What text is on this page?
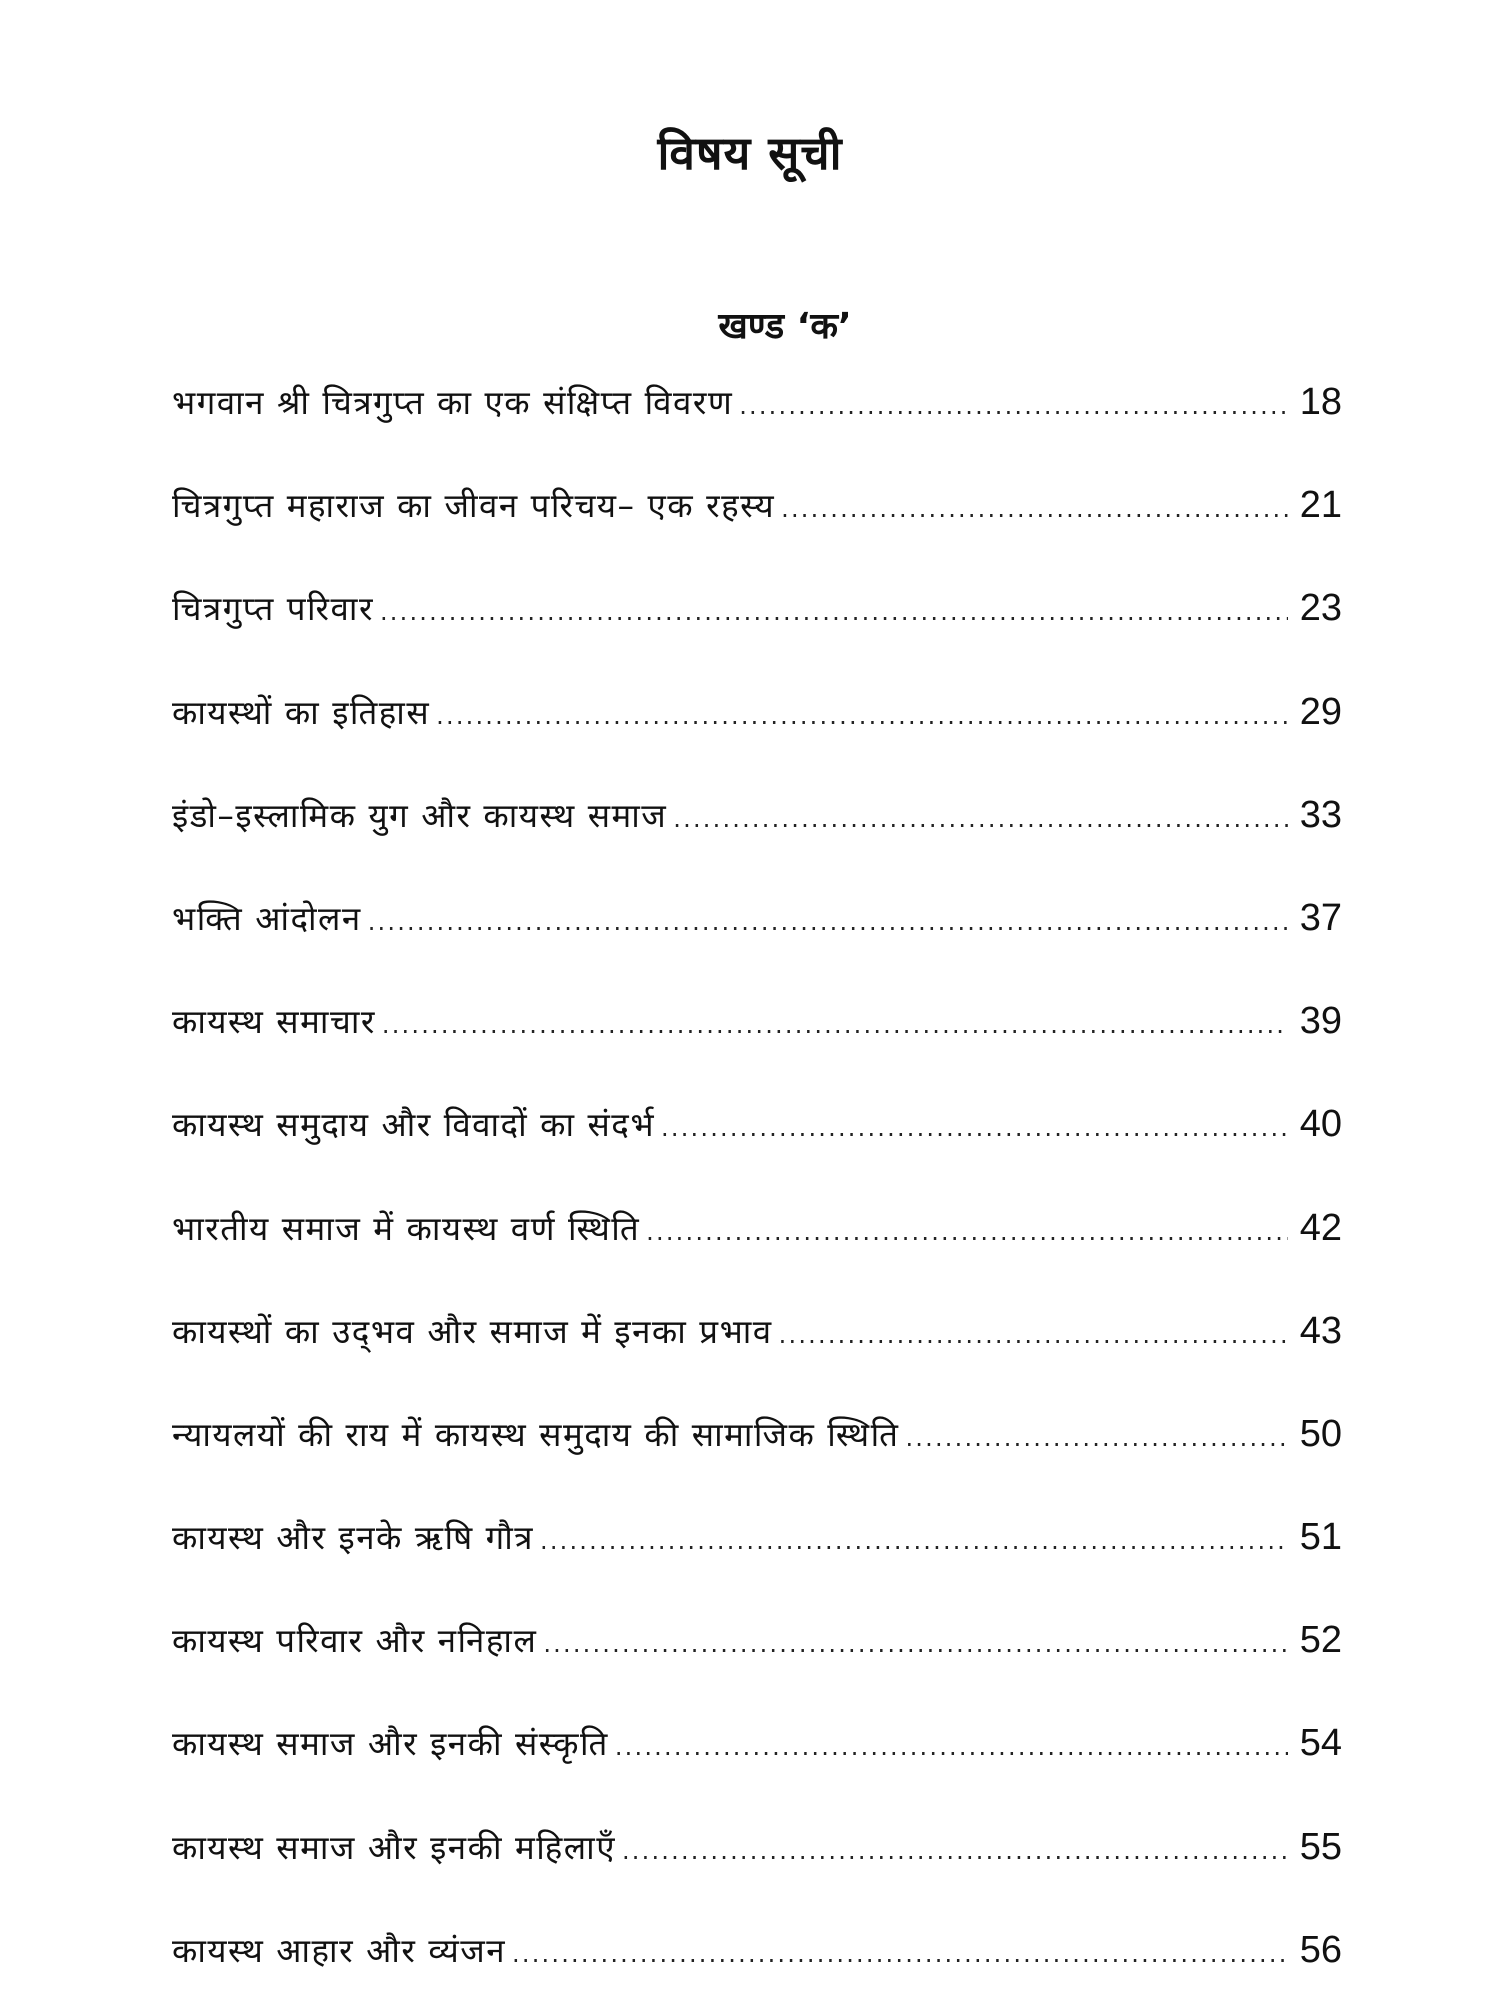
विषय सूची
खण्ड ‘क’
भगवान श्री चित्रगुप्त का एक संक्षिप्त विवरण .....	18
चित्रगुप्त महाराज का जीवन परिचय– एक रहस्य .....	21
चित्रगुप्त परिवार .....	23
कायस्थों का इतिहास .....	29
इंडो–इस्लामिक युग और कायस्थ समाज .....	33
भक्ति आंदोलन .....	37
कायस्थ समाचार .....	39
कायस्थ समुदाय और विवादों का संदर्भ .....	40
भारतीय समाज में कायस्थ वर्ण स्थिति .....	42
कायस्थों का उद्‌भव और समाज में इनका प्रभाव .....	43
न्यायलयों की राय में कायस्थ समुदाय की सामाजिक स्थिति .....	50
कायस्थ और इनके ऋषि गौत्र .....	51
कायस्थ परिवार और ननिहाल .....	52
कायस्थ समाज और इनकी संस्कृति .....	54
कायस्थ समाज और इनकी महिलाएँ .....	55
कायस्थ आहार और व्यंजन .....	56
